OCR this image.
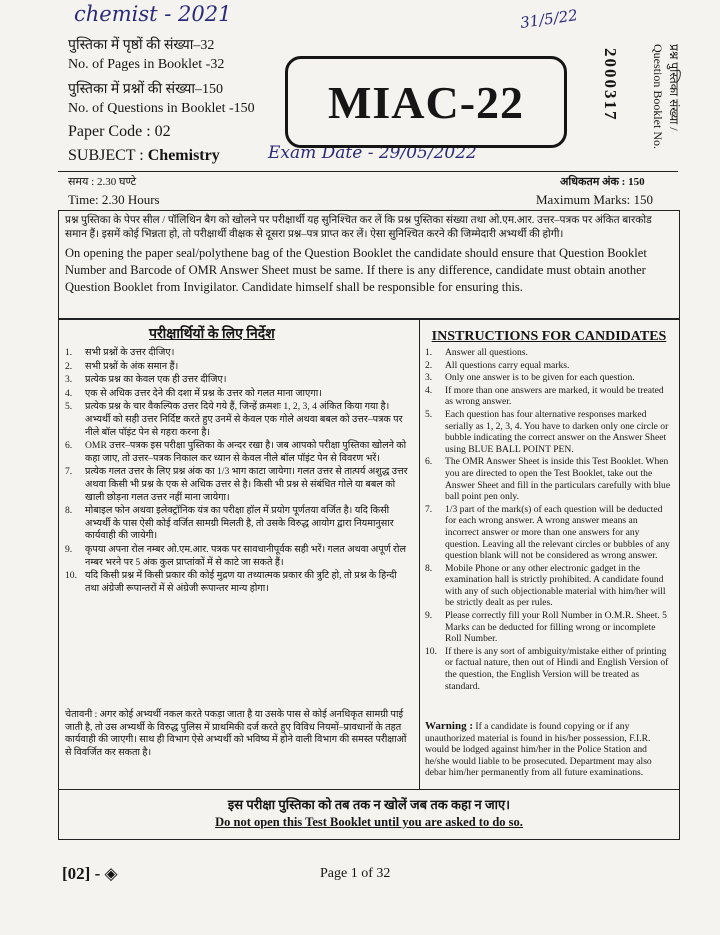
chemist - 2021	31/5/22
Exam Date - 29/05/2022
पुस्तिका में पृष्ठों की संख्या–32
No. of Pages in Booklet -32
पुस्तिका में प्रश्नों की संख्या–150
No. of Questions in Booklet -150
Paper Code : 02
SUBJECT : Chemistry
MIAC-22	2000317	प्रश्न पुस्तिका संख्या /
Question Booklet No.
समय : 2.30 घण्टे
Time: 2.30 Hours
अधिकतम अंक : 150
Maximum Marks: 150
प्रश्न पुस्तिका के पेपर सील / पॉलिथिन बैग को खोलने पर परीक्षार्थी यह सुनिश्चित कर लें कि प्रश्न पुस्तिका संख्या तथा ओ.एम.आर. उत्तर–पत्रक पर अंकित बारकोड समान हैं। इसमें कोई भिन्नता हो, तो परीक्षार्थी वीक्षक से दूसरा प्रश्न–पत्र प्राप्त कर लें। ऐसा सुनिश्चित करने की जिम्मेदारी अभ्यर्थी की होगी।
On opening the paper seal/polythene bag of the Question Booklet the candidate should ensure that Question Booklet Number and Barcode of OMR Answer Sheet must be same. If there is any difference, candidate must obtain another Question Booklet from Invigilator. Candidate himself shall be responsible for ensuring this.
परीक्षार्थियों के लिए निर्देश	INSTRUCTIONS FOR CANDIDATES
1.	सभी प्रश्नों के उत्तर दीजिए।
2.	सभी प्रश्नों के अंक समान हैं।
3.	प्रत्येक प्रश्न का केवल एक ही उत्तर दीजिए।
4.	एक से अधिक उत्तर देने की दशा में प्रश्न के उत्तर को गलत माना जाएगा।
5.	प्रत्येक प्रश्न के चार वैकल्पिक उत्तर दिये गये हैं, जिन्हें क्रमशः 1, 2, 3, 4 अंकित किया गया है। अभ्यर्थी को सही उत्तर निर्दिष्ट करते हुए उनमें से केवल एक गोले अथवा बबल को उत्तर–पत्रक पर नीले बॉल पॉइंट पेन से गहरा करना है।
6.	OMR उत्तर–पत्रक इस परीक्षा पुस्तिका के अन्दर रखा है। जब आपको परीक्षा पुस्तिका खोलने को कहा जाए, तो उत्तर–पत्रक निकाल कर ध्यान से केवल नीले बॉल पॉइंट पेन से विवरण भरें।
7.	प्रत्येक गलत उत्तर के लिए प्रश्न अंक का 1/3 भाग काटा जायेगा। गलत उत्तर से तात्पर्य अशुद्ध उत्तर अथवा किसी भी प्रश्न के एक से अधिक उत्तर से है। किसी भी प्रश्न से संबंधित गोले या बबल को खाली छोड़ना गलत उत्तर नहीं माना जायेगा।
8.	मोबाइल फोन अथवा इलेक्ट्रॉनिक यंत्र का परीक्षा हॉल में प्रयोग पूर्णतया वर्जित है। यदि किसी अभ्यर्थी के पास ऐसी कोई वर्जित सामग्री मिलती है, तो उसके विरुद्ध आयोग द्वारा नियमानुसार कार्यवाही की जायेगी।
9.	कृपया अपना रोल नम्बर ओ.एम.आर. पत्रक पर सावधानीपूर्वक सही भरें। गलत अथवा अपूर्ण रोल नम्बर भरने पर 5 अंक कुल प्राप्तांकों में से काटे जा सकते हैं।
10. यदि किसी प्रश्न में किसी प्रकार की कोई मुद्रण या तथ्यात्मक प्रकार की त्रुटि हो, तो प्रश्न के हिन्दी तथा अंग्रेजी रूपान्तरों में से अंग्रेजी रूपान्तर मान्य होगा।
1.	Answer all questions.
2.	All questions carry equal marks.
3.	Only one answer is to be given for each question.
4.	If more than one answers are marked, it would be treated as wrong answer.
5.	Each question has four alternative responses marked serially as 1, 2, 3, 4. You have to darken only one circle or bubble indicating the correct answer on the Answer Sheet using BLUE BALL POINT PEN.
6.	The OMR Answer Sheet is inside this Test Booklet. When you are directed to open the Test Booklet, take out the Answer Sheet and fill in the particulars carefully with blue ball point pen only.
7.	1/3 part of the mark(s) of each question will be deducted for each wrong answer. A wrong answer means an incorrect answer or more than one answers for any question. Leaving all the relevant circles or bubbles of any question blank will not be considered as wrong answer.
8.	Mobile Phone or any other electronic gadget in the examination hall is strictly prohibited. A candidate found with any of such objectionable material with him/her will be strictly dealt as per rules.
9.	Please correctly fill your Roll Number in O.M.R. Sheet. 5 Marks can be deducted for filling wrong or incomplete Roll Number.
10. If there is any sort of ambiguity/mistake either of printing or factual nature, then out of Hindi and English Version of the question, the English Version will be treated as standard.
चेतावनी : अगर कोई अभ्यर्थी नकल करते पकड़ा जाता है या उसके पास से कोई अनधिकृत सामग्री पाई जाती है, तो उस अभ्यर्थी के विरुद्ध पुलिस में प्राथमिकी दर्ज करते हुए विविध नियमों–प्रावधानों के तहत कार्यवाही की जाएगी। साथ ही विभाग ऐसे अभ्यर्थी को भविष्य में होने वाली विभाग की समस्त परीक्षाओं से विवर्जित कर सकता है।
Warning : If a candidate is found copying or if any unauthorized material is found in his/her possession, F.I.R. would be lodged against him/her in the Police Station and he/she would liable to be prosecuted. Department may also debar him/her permanently from all future examinations.
इस परीक्षा पुस्तिका को तब तक न खोलें जब तक कहा न जाए।
Do not open this Test Booklet until you are asked to do so.
[02] - ◈	Page 1 of 32
